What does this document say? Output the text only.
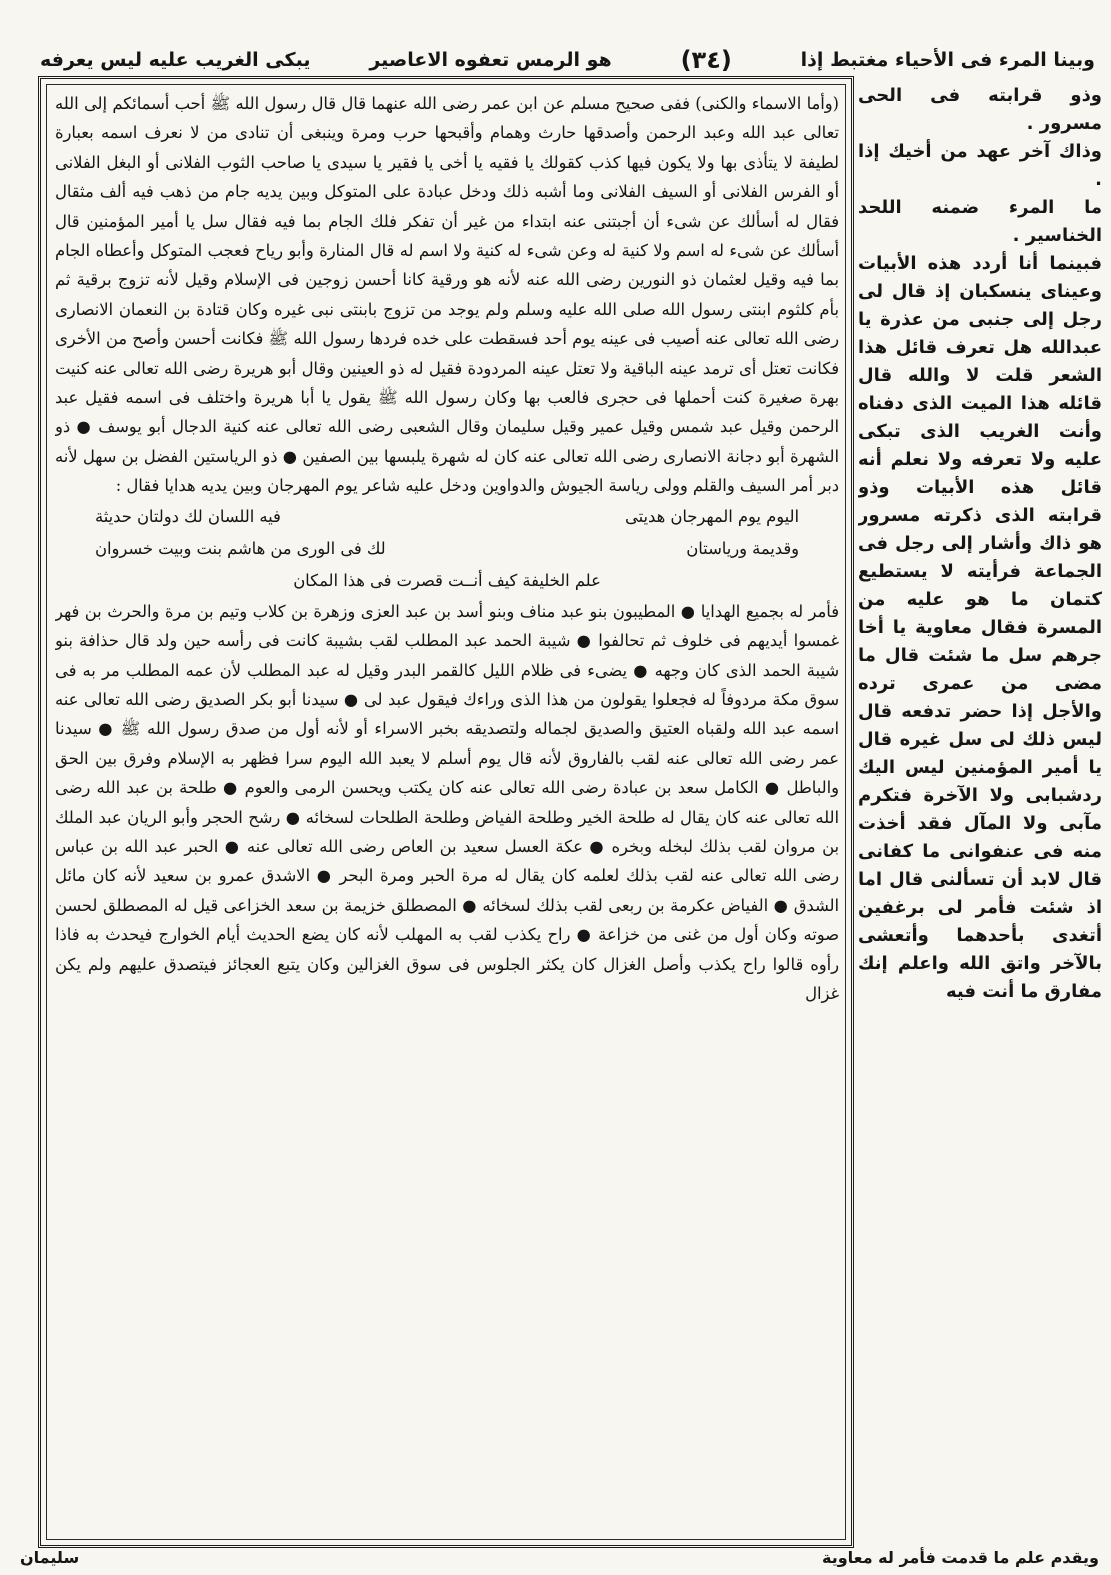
وبينا المرء فى الأحياء مغتبط إذا
(٣٤)
هو الرمس تعفوه الاعاصير
يبكى الغريب عليه ليس يعرفه

وذو قرابته فى الحى مسرور .

وذاك آخر عهد من أخيك إذا .

ما المرء ضمنه اللحد الخناسير .

فبينما أنا أردد هذه الأبيات وعيناى ينسكبان إذ قال لى رجل إلى جنبى من عذرة يا عبدالله هل تعرف قائل هذا الشعر قلت لا والله قال قائله هذا الميت الذى دفناه وأنت الغريب الذى تبكى عليه ولا تعرفه ولا نعلم أنه قائل هذه الأبيات وذو قرابته الذى ذكرته مسرور هو ذاك وأشار إلى رجل فى الجماعة فرأيته لا يستطيع كتمان ما هو عليه من المسرة فقال معاوية يا أخا جرهم سل ما شئت قال ما مضى من عمرى ترده والأجل إذا حضر تدفعه قال ليس ذلك لى سل غيره قال يا أمير المؤمنين ليس اليك ردشبابى ولا الآخرة فتكرم مآبى ولا المآل فقد أخذت منه فى عنفوانى ما كفانى قال لابد أن تسألنى قال اما اذ شئت فأمر لى برغفين أتغدى بأحدهما وأتعشى بالآخر واتق الله واعلم إنك مفارق ما أنت فيه

(وأما الاسماء والكنى) ففى صحيح مسلم عن ابن عمر رضى الله عنهما قال قال رسول الله ﷺ أحب أسمائكم إلى الله تعالى عبد الله وعبد الرحمن وأصدقها حارث وهمام وأقبحها حرب ومرة وينبغى أن تنادى من لا نعرف اسمه بعبارة لطيفة لا يتأذى بها ولا يكون فيها كذب كقولك يا فقيه يا أخى يا فقير يا سيدى يا صاحب الثوب الفلانى أو البغل الفلانى أو الفرس الفلانى أو السيف الفلانى وما أشبه ذلك ودخل عبادة على المتوكل وبين يديه جام من ذهب فيه ألف مثقال فقال له أسألك عن شىء أن أجبتنى عنه ابتداء من غير أن تفكر فلك الجام بما فيه فقال سل يا أمير المؤمنين قال أسألك عن شىء له اسم ولا كنية له وعن شىء له كنية ولا اسم له قال المنارة وأبو رياح فعجب المتوكل وأعطاه الجام بما فيه وقيل لعثمان ذو النورين رضى الله عنه لأنه هو ورقية كانا أحسن زوجين فى الإسلام وقيل لأنه تزوج برقية ثم بأم كلثوم ابنتى رسول الله صلى الله عليه وسلم ولم يوجد من تزوج بابنتى نبى غيره وكان قتادة بن النعمان الانصارى رضى الله تعالى عنه أصيب فى عينه يوم أحد فسقطت على خده فردها رسول الله ﷺ فكانت أحسن وأصح من الأخرى فكانت تعتل أى ترمد عينه الباقية ولا تعتل عينه المردودة فقيل له ذو العينين وقال أبو هريرة رضى الله تعالى عنه كنيت بهرة صغيرة كنت أحملها فى حجرى فالعب بها وكان رسول الله ﷺ يقول يا أبا هريرة واختلف فى اسمه فقيل عبد الرحمن وقيل عبد شمس وقيل عمير وقيل سليمان وقال الشعبى رضى الله تعالى عنه كنية الدجال أبو يوسف ● ذو الشهرة أبو دجانة الانصارى رضى الله تعالى عنه كان له شهرة يلبسها بين الصفين ● ذو الرياستين الفضل بن سهل لأنه دبر أمر السيف والقلم وولى رياسة الجيوش والدواوين ودخل عليه شاعر يوم المهرجان وبين يديه هدايا فقال :

اليوم يوم المهرجان هديتى
فيه اللسان لك دولتان حديثة
وقديمة ورياستان
لك فى الورى من هاشم بنت وبيت خسروان
علم الخليفة كيف أنـ
ـت قصرت فى هذا المكان

فأمر له بجميع الهدايا ● المطيبون بنو عبد مناف وبنو أسد بن عبد العزى وزهرة بن كلاب وتيم بن مرة والحرث بن فهر غمسوا أيديهم فى خلوف ثم تحالفوا ● شيبة الحمد عبد المطلب لقب بشيبة كانت فى رأسه حين ولد قال حذافة بنو شيبة الحمد الذى كان وجهه ● يضىء فى ظلام الليل كالقمر البدر وقيل له عبد المطلب لأن عمه المطلب مر به فى سوق مكة مردوفاً له فجعلوا يقولون من هذا الذى وراءك فيقول عبد لى ● سيدنا أبو بكر الصديق رضى الله تعالى عنه اسمه عبد الله ولقباه العتيق والصديق لجماله ولتصديقه بخبر الاسراء أو لأنه أول من صدق رسول الله ﷺ ● سيدنا عمر رضى الله تعالى عنه لقب بالفاروق لأنه قال يوم أسلم لا يعبد الله اليوم سرا فظهر به الإسلام وفرق بين الحق والباطل ● الكامل سعد بن عبادة رضى الله تعالى عنه كان يكتب ويحسن الرمى والعوم ● طلحة بن عبد الله رضى الله تعالى عنه كان يقال له طلحة الخير وطلحة الفياض وطلحة الطلحات لسخائه ● رشح الحجر وأبو الريان عبد الملك بن مروان لقب بذلك لبخله وبخره ● عكة العسل سعيد بن العاص رضى الله تعالى عنه ● الحبر عبد الله بن عباس رضى الله تعالى عنه لقب بذلك لعلمه كان يقال له مرة الحبر ومرة البحر ● الاشدق عمرو بن سعيد لأنه كان مائل الشدق ● الفياض عكرمة بن ربعى لقب بذلك لسخائه ● المصطلق خزيمة بن سعد الخزاعى قيل له المصطلق لحسن صوته وكان أول من غنى من خزاعة ● راح يكذب لقب به المهلب لأنه كان يضع الحديث أيام الخوارج فيحدث به فاذا رأوه قالوا راح يكذب وأصل الغزال كان يكثر الجلوس فى سوق الغزالين وكان يتبع العجائز فيتصدق عليهم ولم يكن غزال

سليمان	ويقدم علم ما قدمت فأمر له معاوية
